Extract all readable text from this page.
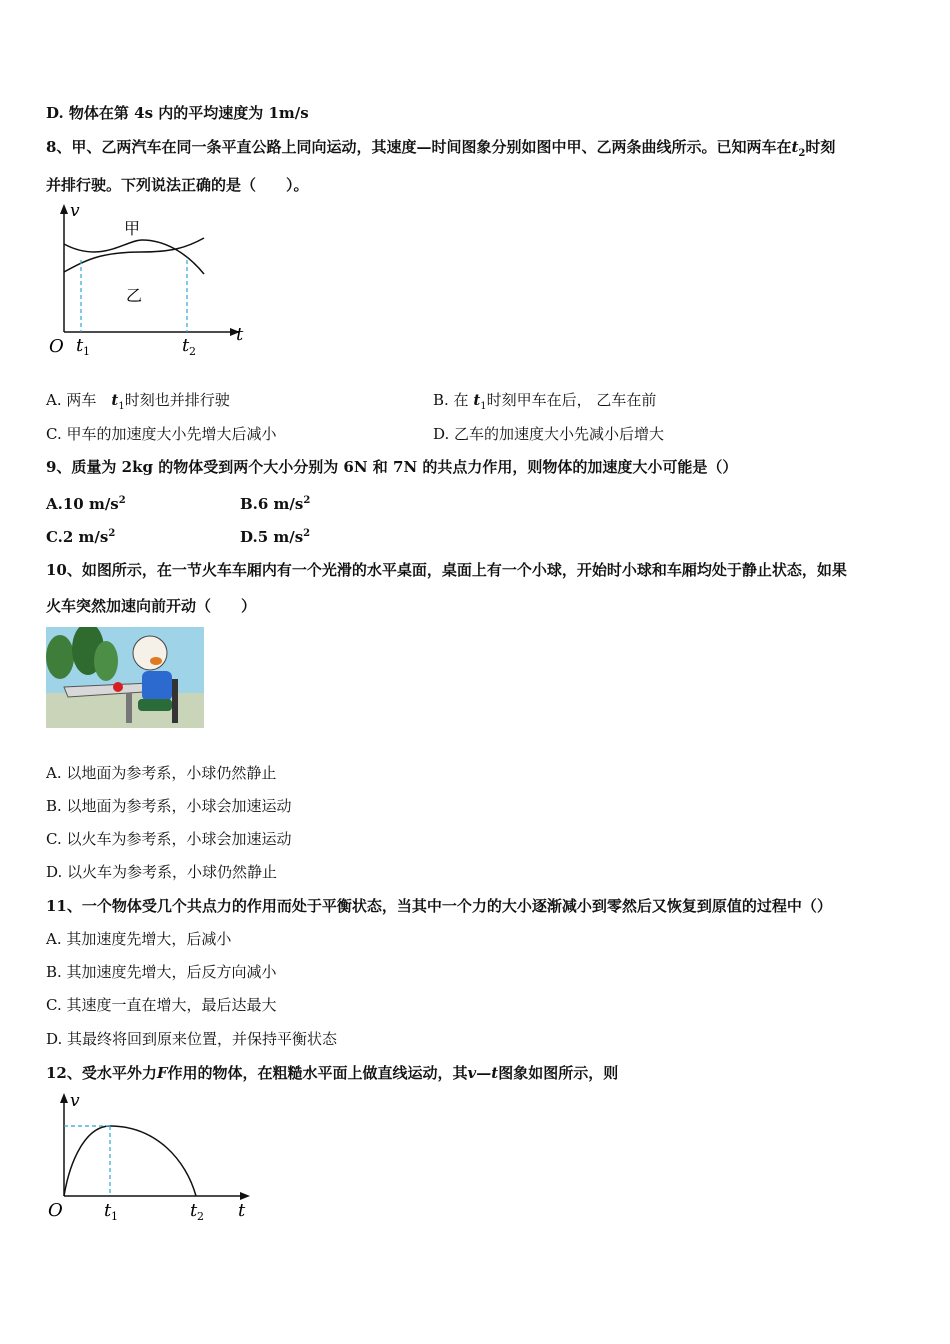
D. 物体在第 4s 内的平均速度为 1m/s
8、甲、乙两汽车在同一条平直公路上同向运动，其速度—时间图象分别如图中甲、乙两条曲线所示。已知两车在$t_2$时刻
并排行驶。下列说法正确的是（　　）。
v
甲
乙
O t 1	t 2
t
A. 两车　$t_1$时刻也并排行驶	B. 在 $t_1$时刻甲车在后， 乙车在前
C. 甲车的加速度大小先增大后减小	D. 乙车的加速度大小先减小后增大
9、质量为 2kg 的物体受到两个大小分别为 6N 和 7N 的共点力作用，则物体的加速度大小可能是（）
A.10 $m/s^2$	B.6 $m/s^2$
C.2 $m/s^2$	D.5 $m/s^2$
10、如图所示，在一节火车车厢内有一个光滑的水平桌面，桌面上有一个小球，开始时小球和车厢均处于静止状态，如果
火车突然加速向前开动（　　）
A. 以地面为参考系，小球仍然静止
B. 以地面为参考系，小球会加速运动
C. 以火车为参考系，小球会加速运动
D. 以火车为参考系，小球仍然静止
11、一个物体受几个共点力的作用而处于平衡状态，当其中一个力的大小逐渐减小到零然后又恢复到原值的过程中（）
A. 其加速度先增大，后减小
B. 其加速度先增大，后反方向减小
C. 其速度一直在增大，最后达最大
D. 其最终将回到原来位置，并保持平衡状态
12、受水平外力F作用的物体，在粗糙水平面上做直线运动，其v—t图象如图所示，则
v
O t 1	t 2 t
